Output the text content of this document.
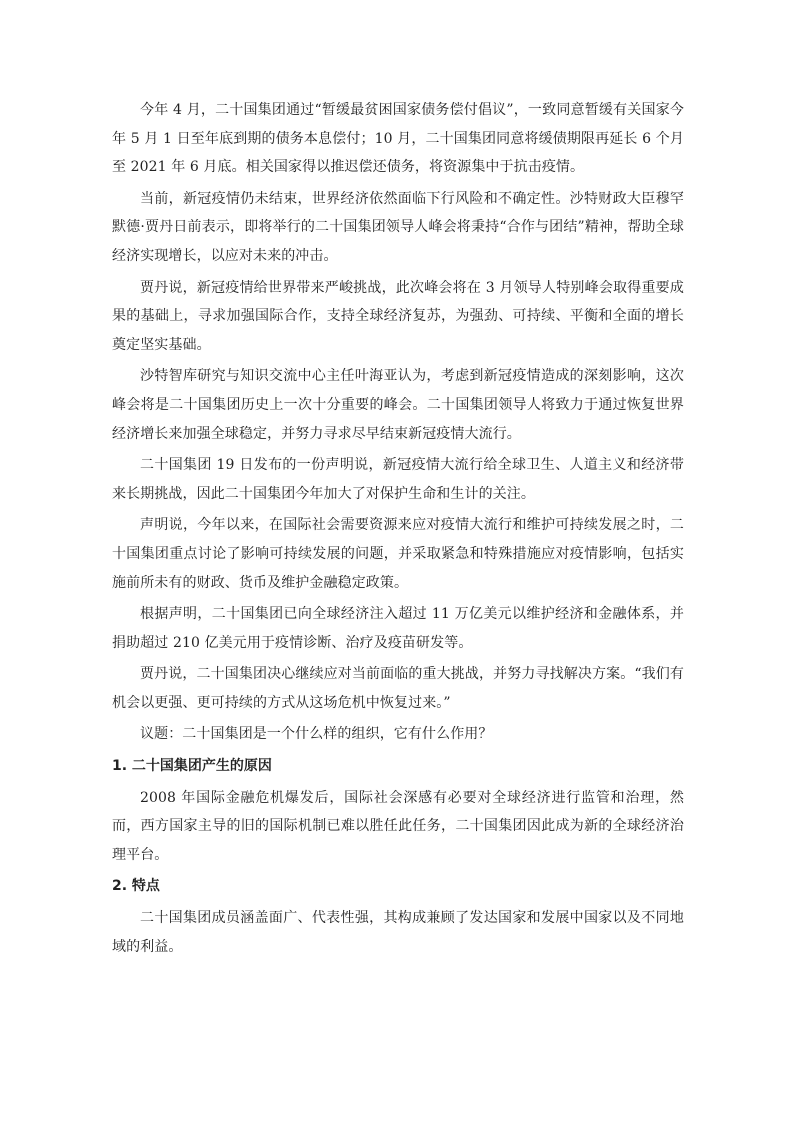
今年 4 月，二十国集团通过“暂缓最贫困国家债务偿付倡议”，一致同意暂缓有关国家今年 5 月 1 日至年底到期的债务本息偿付；10 月，二十国集团同意将缓债期限再延长 6 个月至 2021 年 6 月底。相关国家得以推迟偿还债务，将资源集中于抗击疫情。

当前，新冠疫情仍未结束，世界经济依然面临下行风险和不确定性。沙特财政大臣穆罕默德·贾丹日前表示，即将举行的二十国集团领导人峰会将秉持“合作与团结”精神，帮助全球经济实现增长，以应对未来的冲击。

贾丹说，新冠疫情给世界带来严峻挑战，此次峰会将在 3 月领导人特别峰会取得重要成果的基础上，寻求加强国际合作，支持全球经济复苏，为强劲、可持续、平衡和全面的增长奠定坚实基础。

沙特智库研究与知识交流中心主任叶海亚认为，考虑到新冠疫情造成的深刻影响，这次峰会将是二十国集团历史上一次十分重要的峰会。二十国集团领导人将致力于通过恢复世界经济增长来加强全球稳定，并努力寻求尽早结束新冠疫情大流行。

二十国集团 19 日发布的一份声明说，新冠疫情大流行给全球卫生、人道主义和经济带来长期挑战，因此二十国集团今年加大了对保护生命和生计的关注。

声明说，今年以来，在国际社会需要资源来应对疫情大流行和维护可持续发展之时，二十国集团重点讨论了影响可持续发展的问题，并采取紧急和特殊措施应对疫情影响，包括实施前所未有的财政、货币及维护金融稳定政策。

根据声明，二十国集团已向全球经济注入超过 11 万亿美元以维护经济和金融体系，并捐助超过 210 亿美元用于疫情诊断、治疗及疫苗研发等。

贾丹说，二十国集团决心继续应对当前面临的重大挑战，并努力寻找解决方案。“我们有机会以更强、更可持续的方式从这场危机中恢复过来。”

议题：二十国集团是一个什么样的组织，它有什么作用？

1. 二十国集团产生的原因

2008 年国际金融危机爆发后，国际社会深感有必要对全球经济进行监管和治理，然而，西方国家主导的旧的国际机制已难以胜任此任务，二十国集团因此成为新的全球经济治理平台。

2. 特点

二十国集团成员涵盖面广、代表性强，其构成兼顾了发达国家和发展中国家以及不同地域的利益。
